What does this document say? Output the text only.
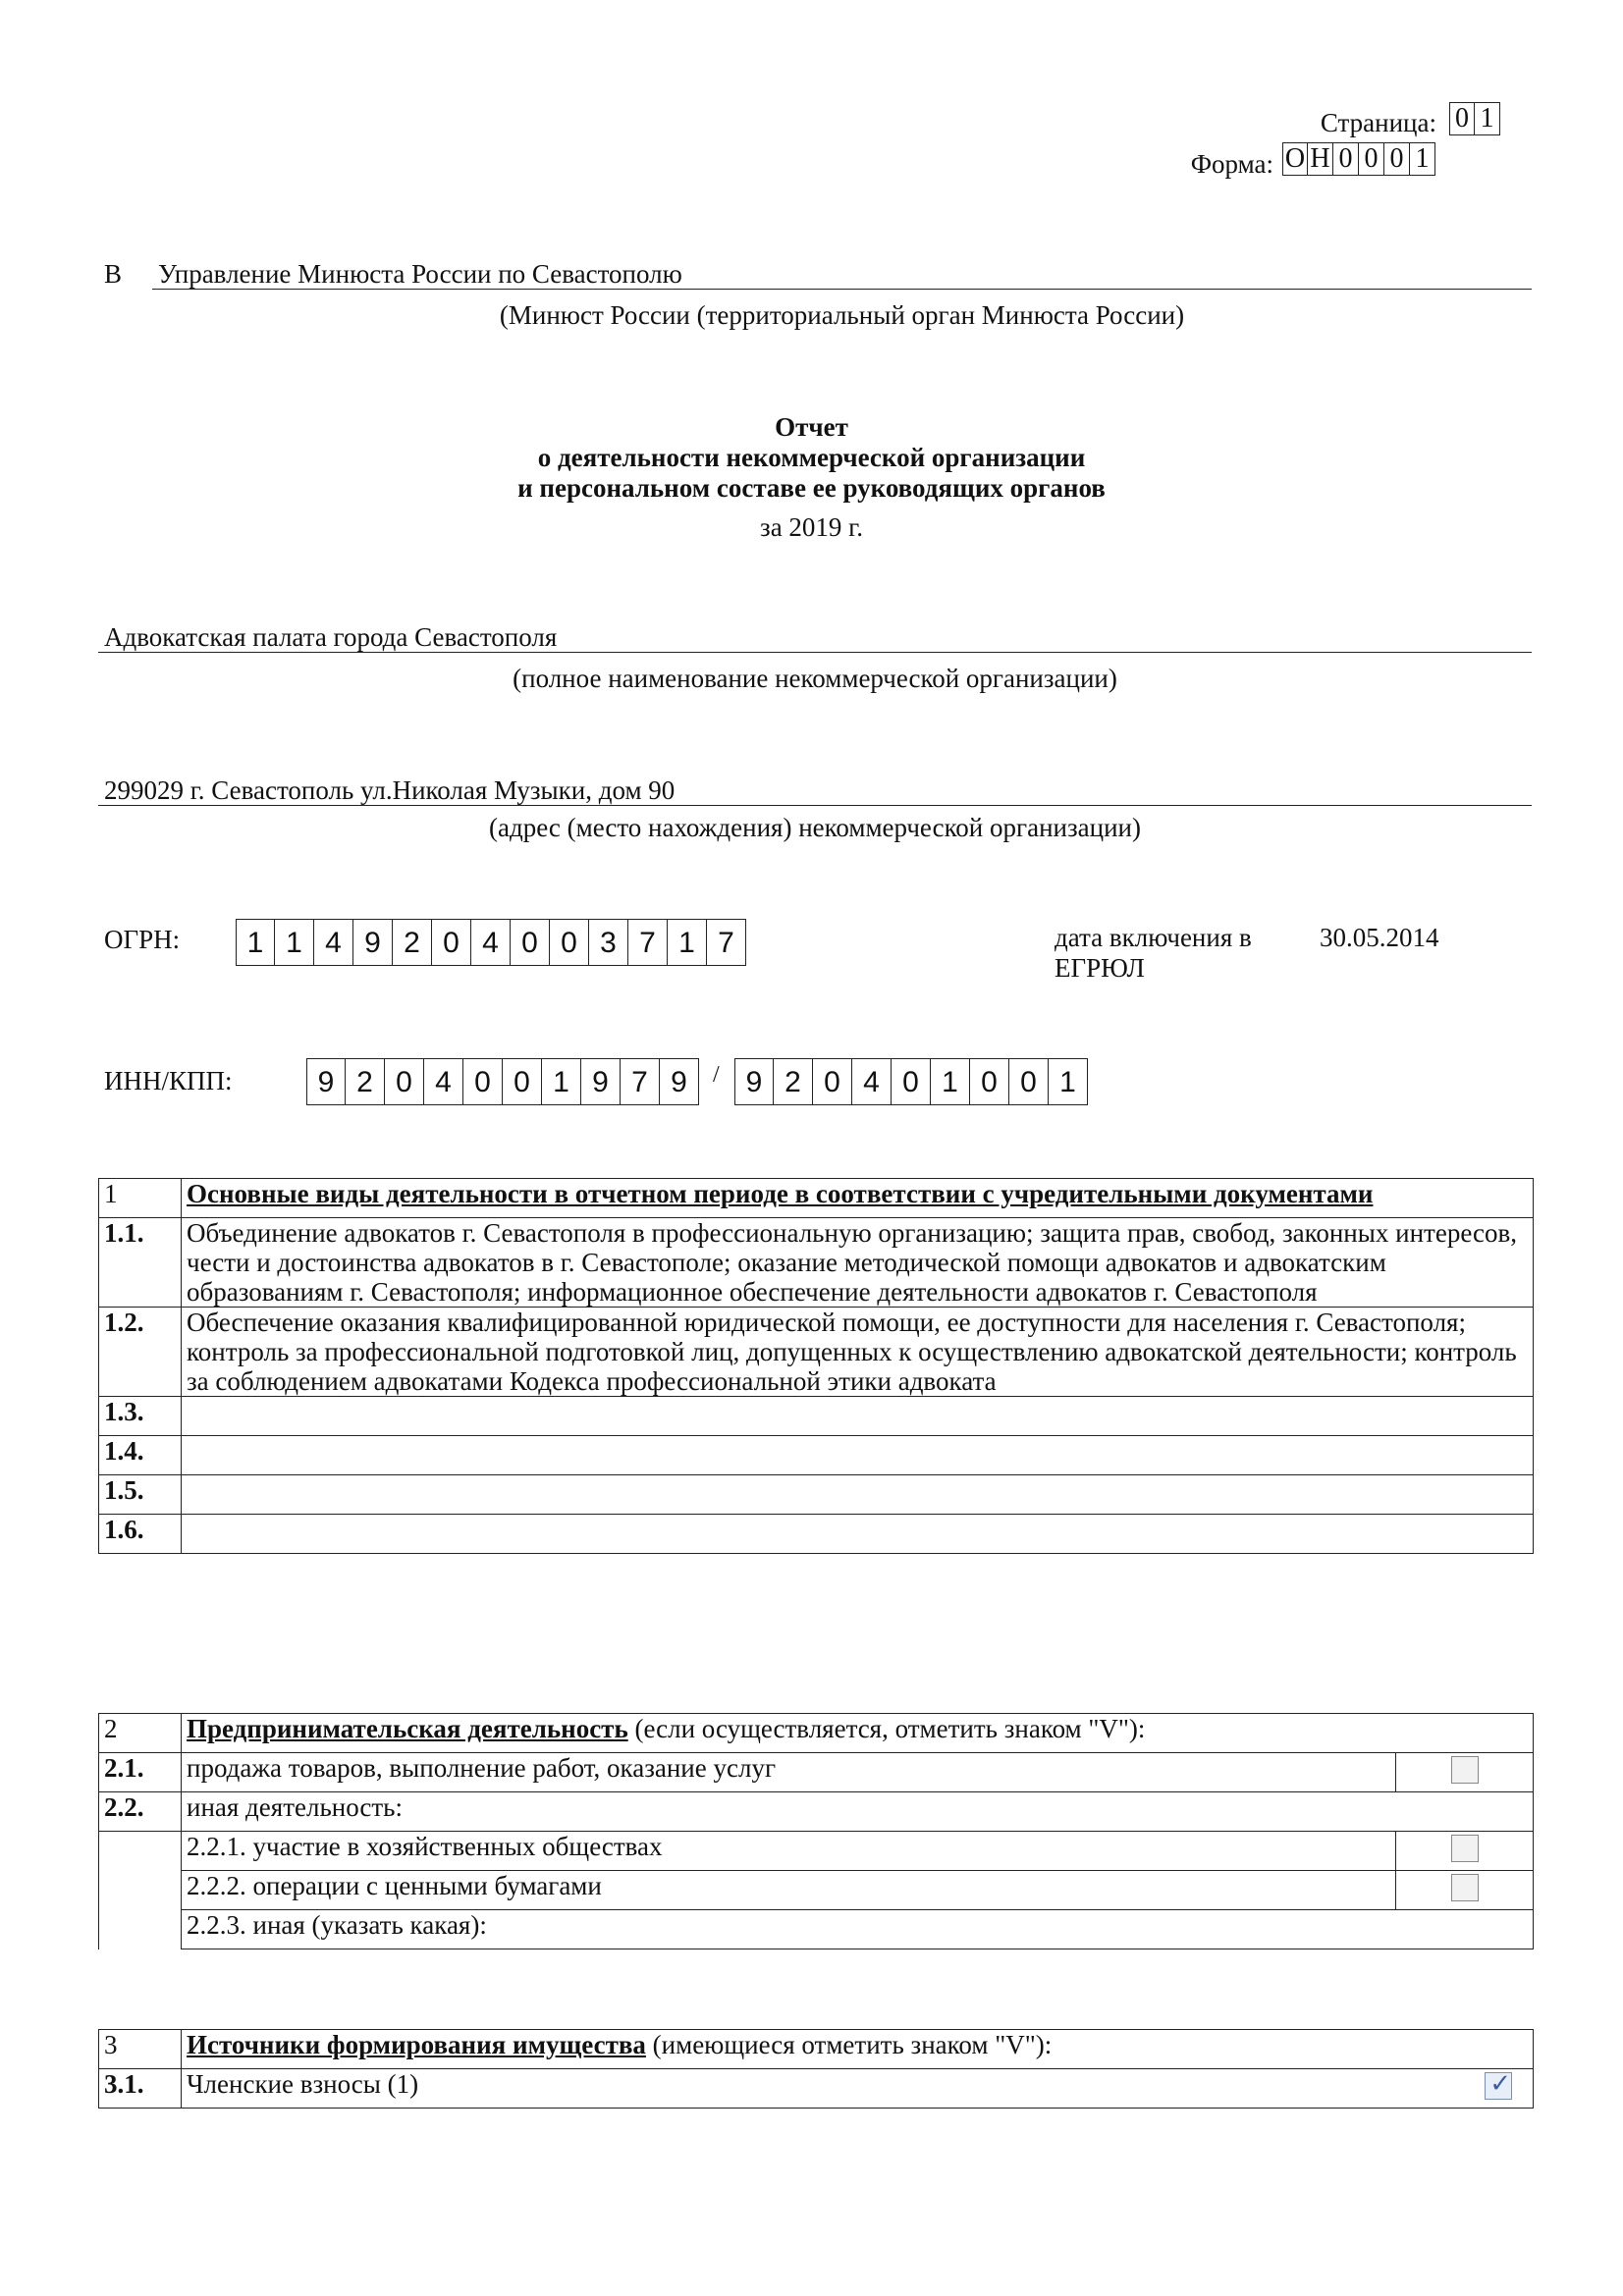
Страница: 0 1
Форма: О Н 0 0 0 1
В Управление Минюста России по Севастополю
(Минюст России (территориальный орган Минюста России)
Отчет
о деятельности некоммерческой организации
и персональном составе ее руководящих органов
за 2019 г.
Адвокатская палата города Севастополя
(полное наименование некоммерческой организации)
299029 г. Севастополь ул.Николая Музыки, дом 90
(адрес (место нахождения) некоммерческой организации)
ОГРН:	1 1 4 9 2 0 4 0 0 3 7 1 7	дата включения в ЕГРЮЛ
30.05.2014
ИНН/КПП:	9 2 0 4 0 0 1 9 7 9	/ 9 2 0 4 0 1 0 0 1
1	Основные виды деятельности в отчетном периоде в соответствии с учредительными документами
1.1.	Объединение адвокатов г. Севастополя в профессиональную организацию; защита прав, свобод, законных интересов, чести и достоинства адвокатов в г. Севастополе; оказание методической помощи адвокатов и адвокатским образованиям г. Севастополя; информационное обеспечение деятельности адвокатов г. Севастополя
1.2.	Обеспечение оказания квалифицированной юридической помощи, ее доступности для населения г. Севастополя; контроль за профессиональной подготовкой лиц, допущенных к осуществлению адвокатской деятельности; контроль за соблюдением адвокатами Кодекса профессиональной этики адвоката
1.3.	
1.4.	
1.5.	
1.6.	
2	Предпринимательская деятельность (если осуществляется, отметить знаком "V"):	
2.1.	продажа товаров, выполнение работ, оказание услуг	
2.2.	иная деятельность:	
	2.2.1. участие в хозяйственных обществах	
	2.2.2. операции с ценными бумагами	
	2.2.3. иная (указать какая):	
3	Источники формирования имущества (имеющиеся отметить знаком "V"):	
3.1.	Членские взносы (1)	✓
